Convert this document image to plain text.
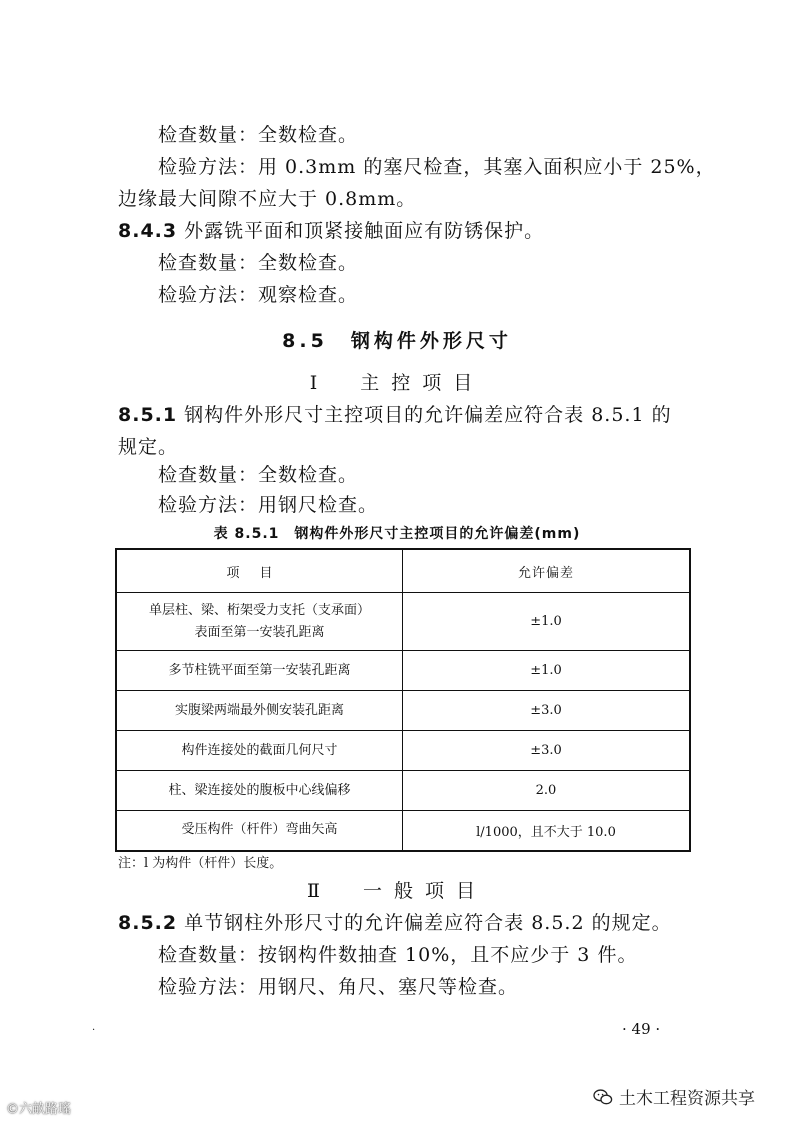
检查数量：全数检查。
检验方法：用 0.3mm 的塞尺检查，其塞入面积应小于 25%，
边缘最大间隙不应大于 0.8mm。
8.4.3 外露铣平面和顶紧接触面应有防锈保护。
检查数量：全数检查。
检验方法：观察检查。
8.5　钢构件外形尺寸
Ⅰ　主控项目
8.5.1 钢构件外形尺寸主控项目的允许偏差应符合表 8.5.1 的
规定。
检查数量：全数检查。
检验方法：用钢尺检查。
表 8.5.1　钢构件外形尺寸主控项目的允许偏差(mm)
项目	允许偏差

单层柱、梁、桁架受力支托（支承面）
表面至第一安装孔距离	±1.0
多节柱铣平面至第一安装孔距离	±1.0
实腹梁两端最外侧安装孔距离	±3.0
构件连接处的截面几何尺寸	±3.0
柱、梁连接处的腹板中心线偏移	2.0
受压构件（杆件）弯曲矢高	l/1000，且不大于 10.0
注：l 为构件（杆件）长度。
Ⅱ　一般项目
8.5.2 单节钢柱外形尺寸的允许偏差应符合表 8.5.2 的规定。
检查数量：按钢构件数抽查 10%，且不应少于 3 件。
检验方法：用钢尺、角尺、塞尺等检查。
.	· 49 ·
©六畝路瑤
土木工程资源共享
